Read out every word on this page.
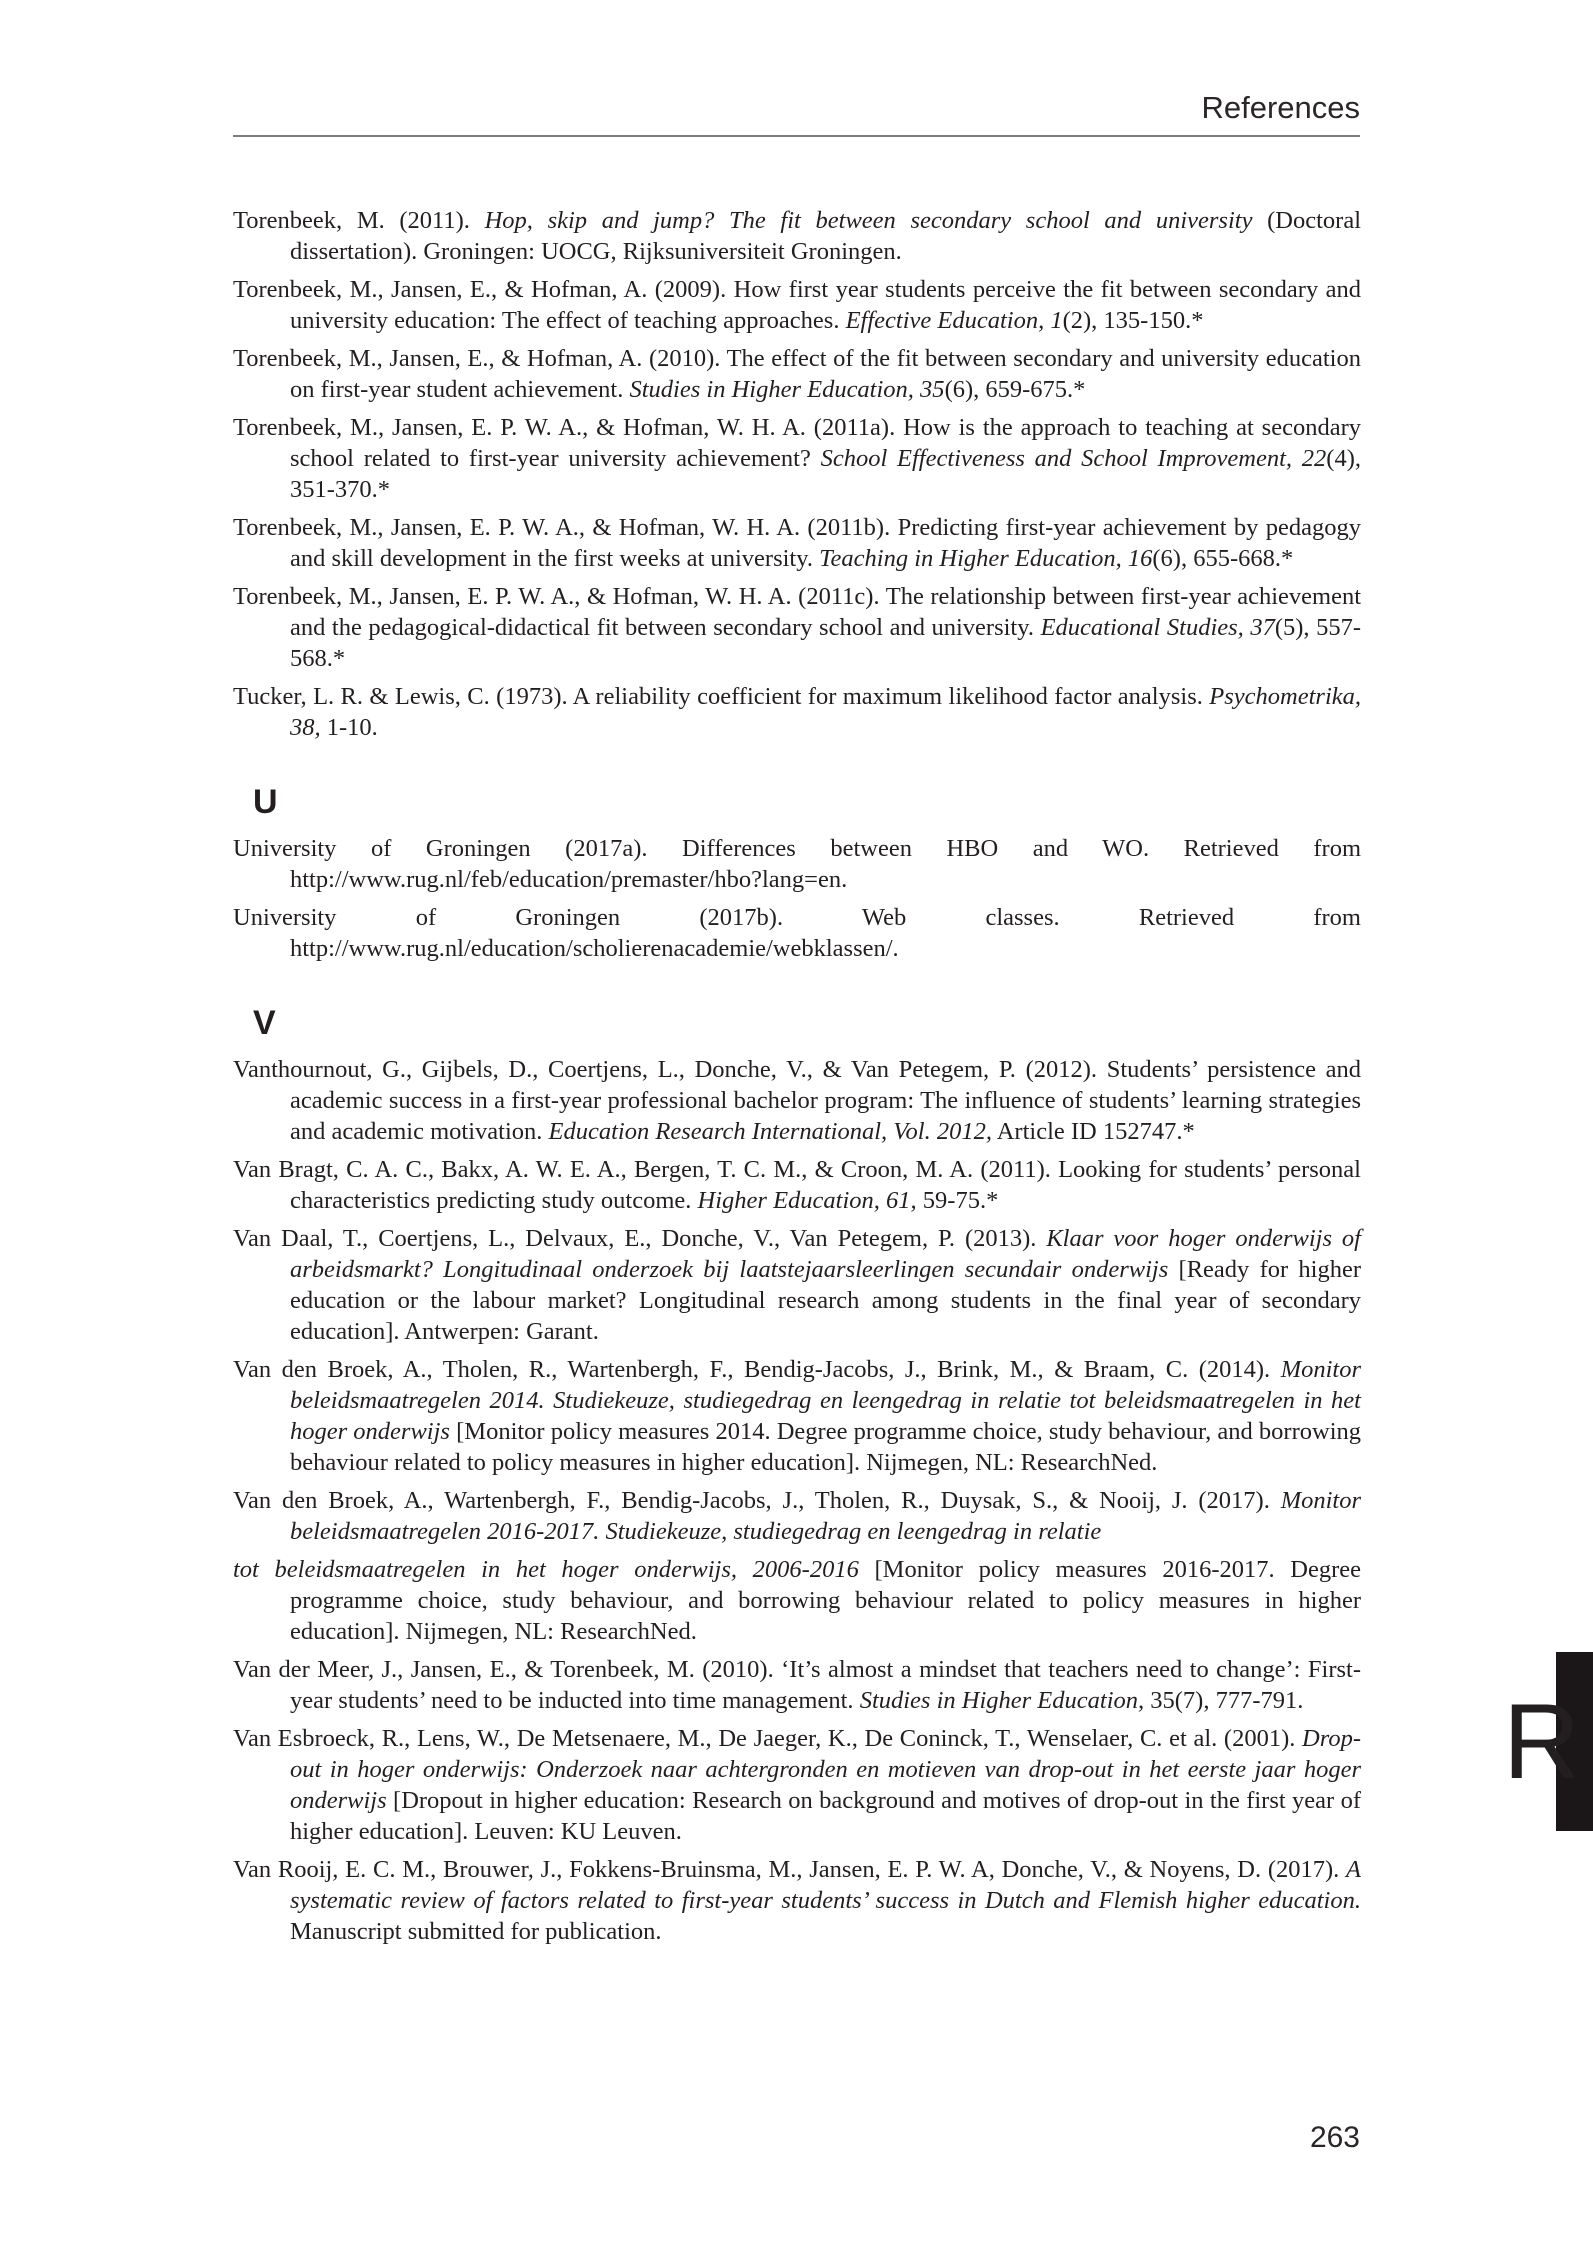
References

Torenbeek, M. (2011). Hop, skip and jump? The fit between secondary school and university (Doctoral dissertation). Groningen: UOCG, Rijksuniversiteit Groningen.

Torenbeek, M., Jansen, E., & Hofman, A. (2009). How first year students perceive the fit between secondary and university education: The effect of teaching approaches. Effective Education, 1(2), 135-150.*

Torenbeek, M., Jansen, E., & Hofman, A. (2010). The effect of the fit between secondary and university education on first-year student achievement. Studies in Higher Education, 35(6), 659-675.*

Torenbeek, M., Jansen, E. P. W. A., & Hofman, W. H. A. (2011a). How is the approach to teaching at secondary school related to first-year university achievement? School Effectiveness and School Improvement, 22(4), 351-370.*

Torenbeek, M., Jansen, E. P. W. A., & Hofman, W. H. A. (2011b). Predicting first-year achievement by pedagogy and skill development in the first weeks at university. Teaching in Higher Education, 16(6), 655-668.*

Torenbeek, M., Jansen, E. P. W. A., & Hofman, W. H. A. (2011c). The relationship between first-year achievement and the pedagogical-didactical fit between secondary school and university. Educational Studies, 37(5), 557-568.*

Tucker, L. R. & Lewis, C. (1973). A reliability coefficient for maximum likelihood factor analysis. Psychometrika, 38, 1-10.

U

University of Groningen (2017a). Differences between HBO and WO. Retrieved from http://www.rug.nl/feb/education/premaster/hbo?lang=en.

University of Groningen (2017b). Web classes. Retrieved from http://www.rug.nl/education/scholierenacademie/webklassen/.

V

Vanthournout, G., Gijbels, D., Coertjens, L., Donche, V., & Van Petegem, P. (2012). Students’ persistence and academic success in a first-year professional bachelor program: The influence of students’ learning strategies and academic motivation. Education Research International, Vol. 2012, Article ID 152747.*

Van Bragt, C. A. C., Bakx, A. W. E. A., Bergen, T. C. M., & Croon, M. A. (2011). Looking for students’ personal characteristics predicting study outcome. Higher Education, 61, 59-75.*

Van Daal, T., Coertjens, L., Delvaux, E., Donche, V., Van Petegem, P. (2013). Klaar voor hoger onderwijs of arbeidsmarkt? Longitudinaal onderzoek bij laatstejaarsleerlingen secundair onderwijs [Ready for higher education or the labour market? Longitudinal research among students in the final year of secondary education]. Antwerpen: Garant.

Van den Broek, A., Tholen, R., Wartenbergh, F., Bendig-Jacobs, J., Brink, M., & Braam, C. (2014). Monitor beleidsmaatregelen 2014. Studiekeuze, studiegedrag en leengedrag in relatie tot beleidsmaatregelen in het hoger onderwijs [Monitor policy measures 2014. Degree programme choice, study behaviour, and borrowing behaviour related to policy measures in higher education]. Nijmegen, NL: ResearchNed.

Van den Broek, A., Wartenbergh, F., Bendig-Jacobs, J., Tholen, R., Duysak, S., & Nooij, J. (2017). Monitor beleidsmaatregelen 2016-2017. Studiekeuze, studiegedrag en leengedrag in relatie

tot beleidsmaatregelen in het hoger onderwijs, 2006-2016 [Monitor policy measures 2016-2017. Degree programme choice, study behaviour, and borrowing behaviour related to policy measures in higher education]. Nijmegen, NL: ResearchNed.

Van der Meer, J., Jansen, E., & Torenbeek, M. (2010). ‘It’s almost a mindset that teachers need to change’: First-year students’ need to be inducted into time management. Studies in Higher Education, 35(7), 777-791.

Van Esbroeck, R., Lens, W., De Metsenaere, M., De Jaeger, K., De Coninck, T., Wenselaer, C. et al. (2001). Drop-out in hoger onderwijs: Onderzoek naar achtergronden en motieven van drop-out in het eerste jaar hoger onderwijs [Dropout in higher education: Research on background and motives of drop-out in the first year of higher education]. Leuven: KU Leuven.

Van Rooij, E. C. M., Brouwer, J., Fokkens-Bruinsma, M., Jansen, E. P. W. A, Donche, V., & Noyens, D. (2017). A systematic review of factors related to first-year students’ success in Dutch and Flemish higher education. Manuscript submitted for publication.

R
263
